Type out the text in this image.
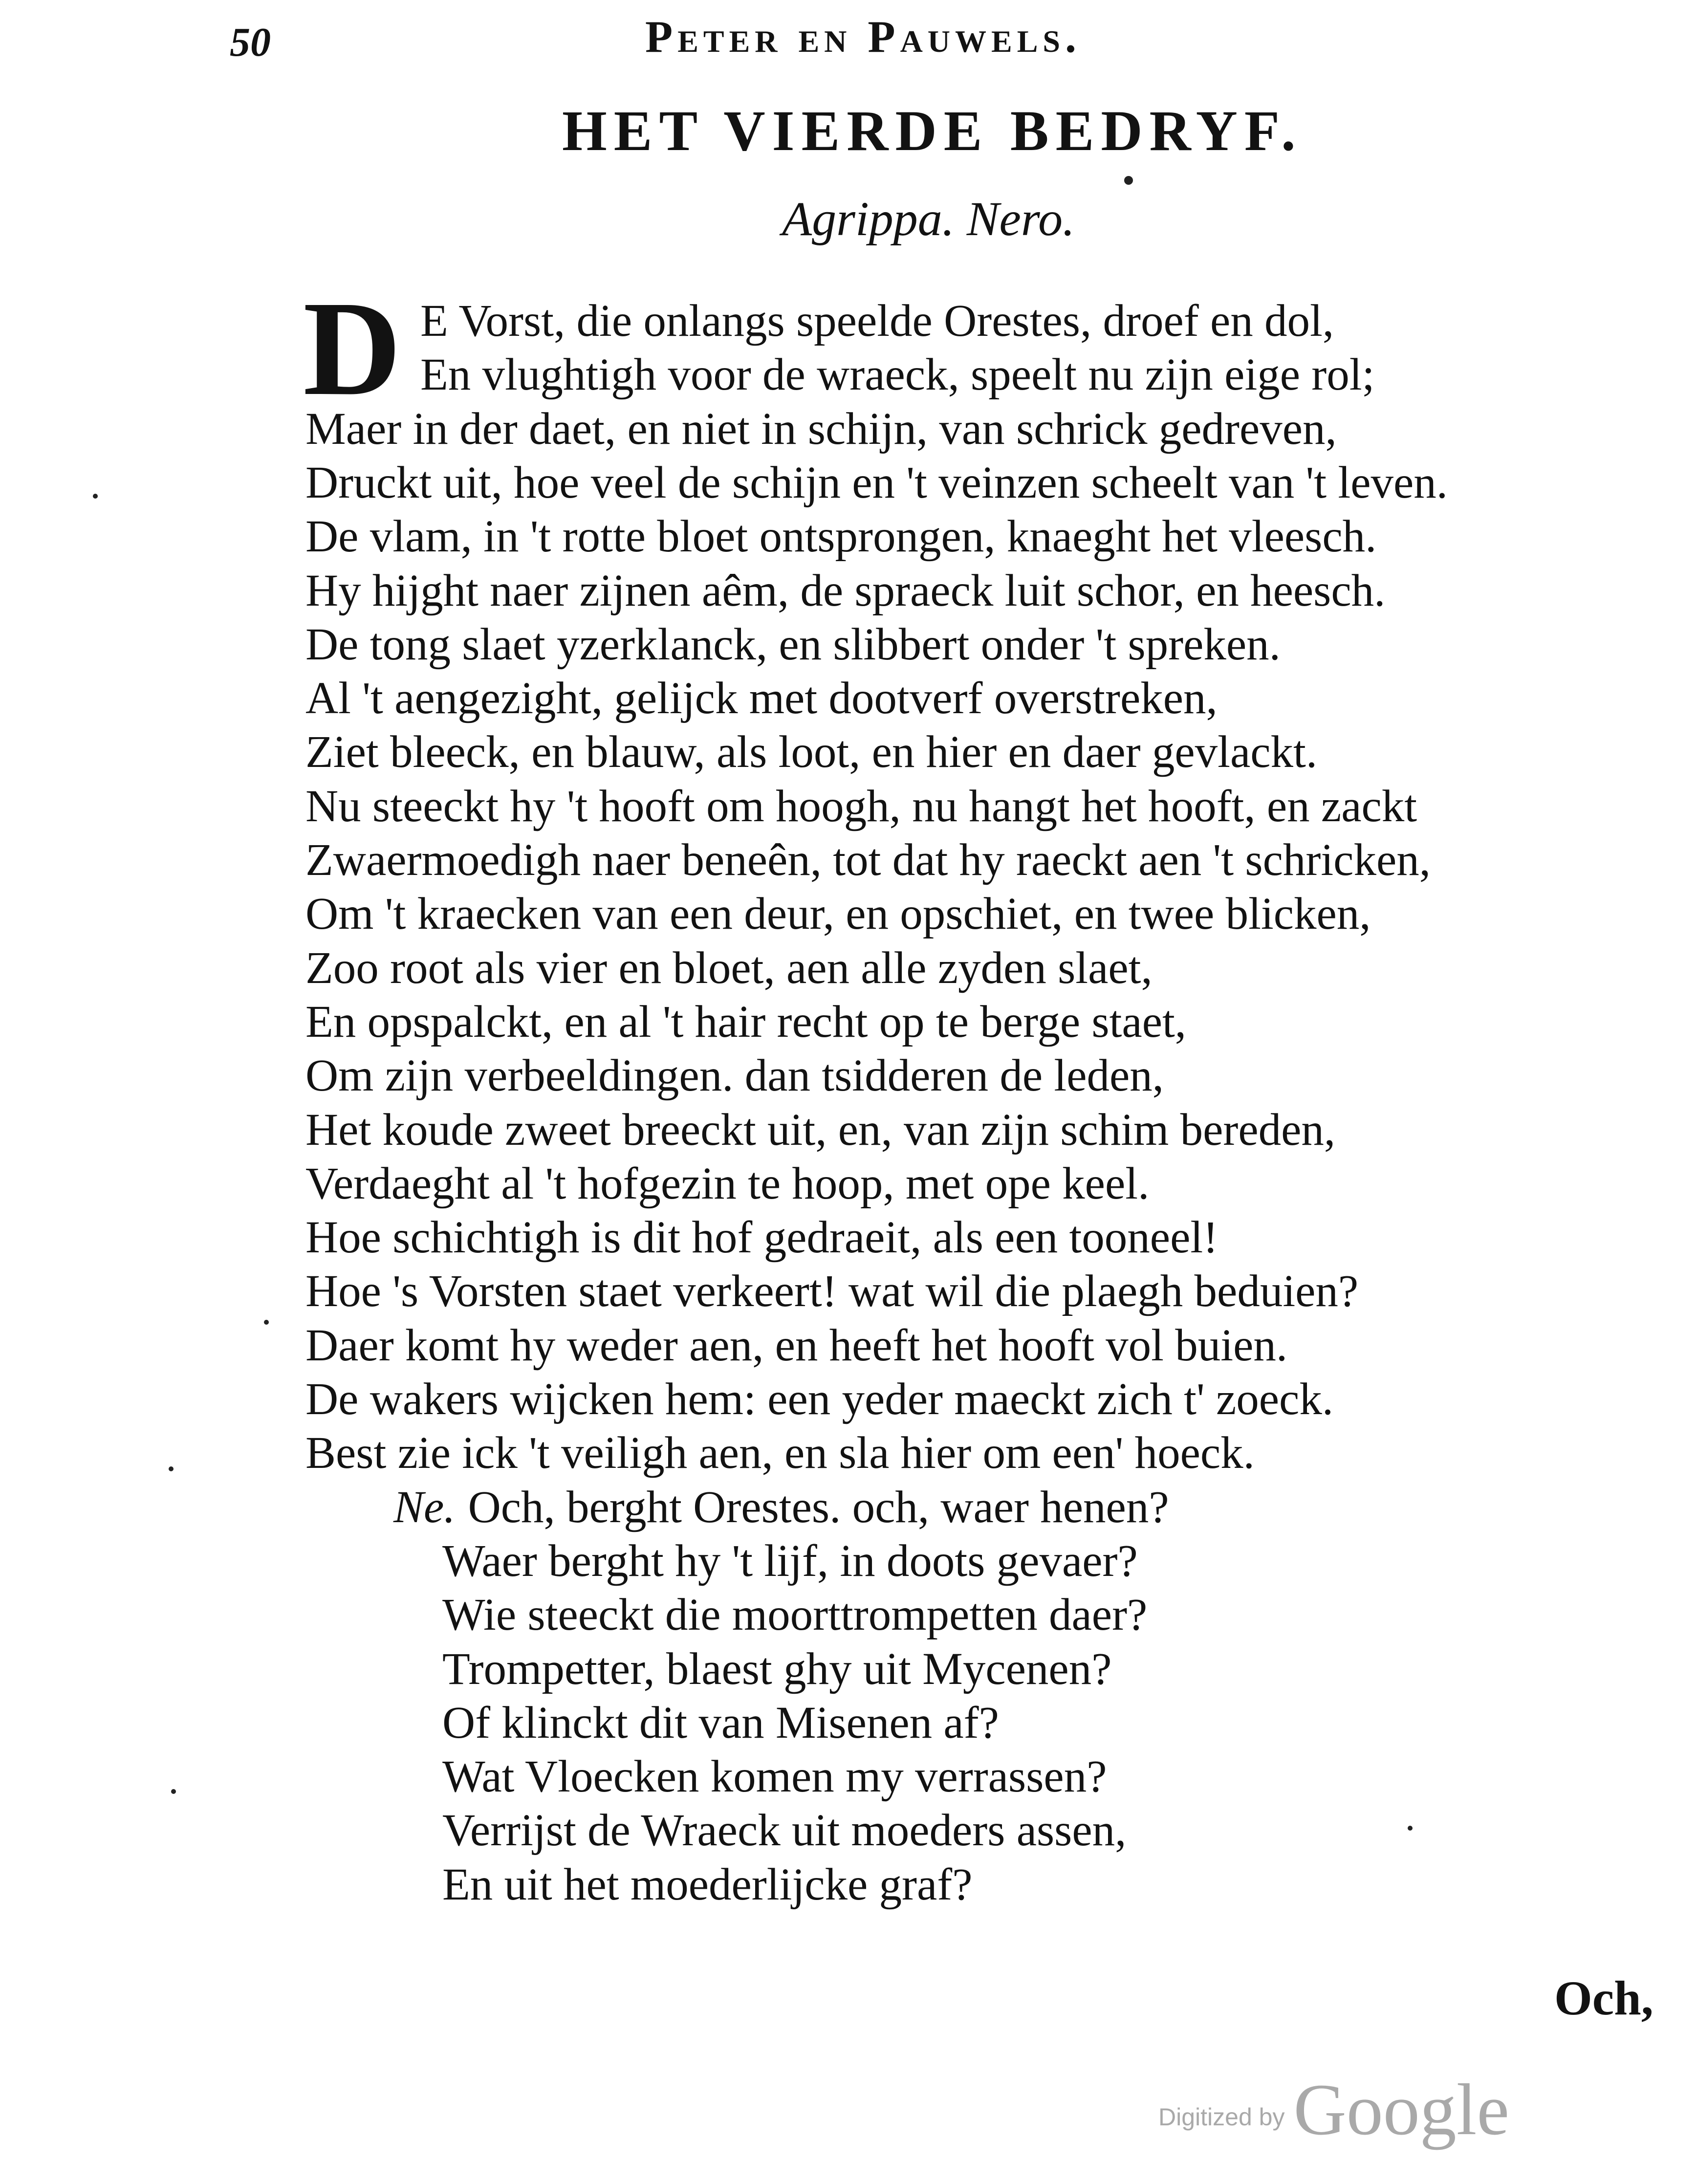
50	Peter en Pauwels.
HET VIERDE BEDRYF.
Agrippa. Nero.
D E Vorst, die onlangs speelde Orestes, droef en dol,
En vlughtigh voor de wraeck, speelt nu zijn eige rol;
Maer in der daet, en niet in schijn, van schrick gedreven,
Druckt uit, hoe veel de schijn en 't veinzen scheelt van 't leven.
De vlam, in 't rotte bloet ontsprongen, knaeght het vleesch.
Hy hijght naer zijnen aêm, de spraeck luit schor, en heesch.
De tong slaet yzerklanck, en slibbert onder 't spreken.
Al 't aengezight, gelijck met dootverf overstreken,
Ziet bleeck, en blauw, als loot, en hier en daer gevlackt.
Nu steeckt hy 't hooft om hoogh, nu hangt het hooft, en zackt
Zwaermoedigh naer beneên, tot dat hy raeckt aen 't schricken,
Om 't kraecken van een deur, en opschiet, en twee blicken,
Zoo root als vier en bloet, aen alle zyden slaet,
En opspalckt, en al 't hair recht op te berge staet,
Om zijn verbeeldingen. dan tsidderen de leden,
Het koude zweet breeckt uit, en, van zijn schim bereden,
Verdaeght al 't hofgezin te hoop, met ope keel.
Hoe schichtigh is dit hof gedraeit, als een tooneel!
Hoe 's Vorsten staet verkeert! wat wil die plaegh beduien?
Daer komt hy weder aen, en heeft het hooft vol buien.
De wakers wijcken hem: een yeder maeckt zich t' zoeck.
Best zie ick 't veiligh aen, en sla hier om een' hoeck.
Ne. Och, berght Orestes. och, waer henen?
Waer berght hy 't lijf, in doots gevaer?
Wie steeckt die moorttrompetten daer?
Trompetter, blaest ghy uit Mycenen?
Of klinckt dit van Misenen af?
Wat Vloecken komen my verrassen?
Verrijst de Wraeck uit moeders assen,
En uit het moederlijcke graf?
Och,
Digitized by Google
